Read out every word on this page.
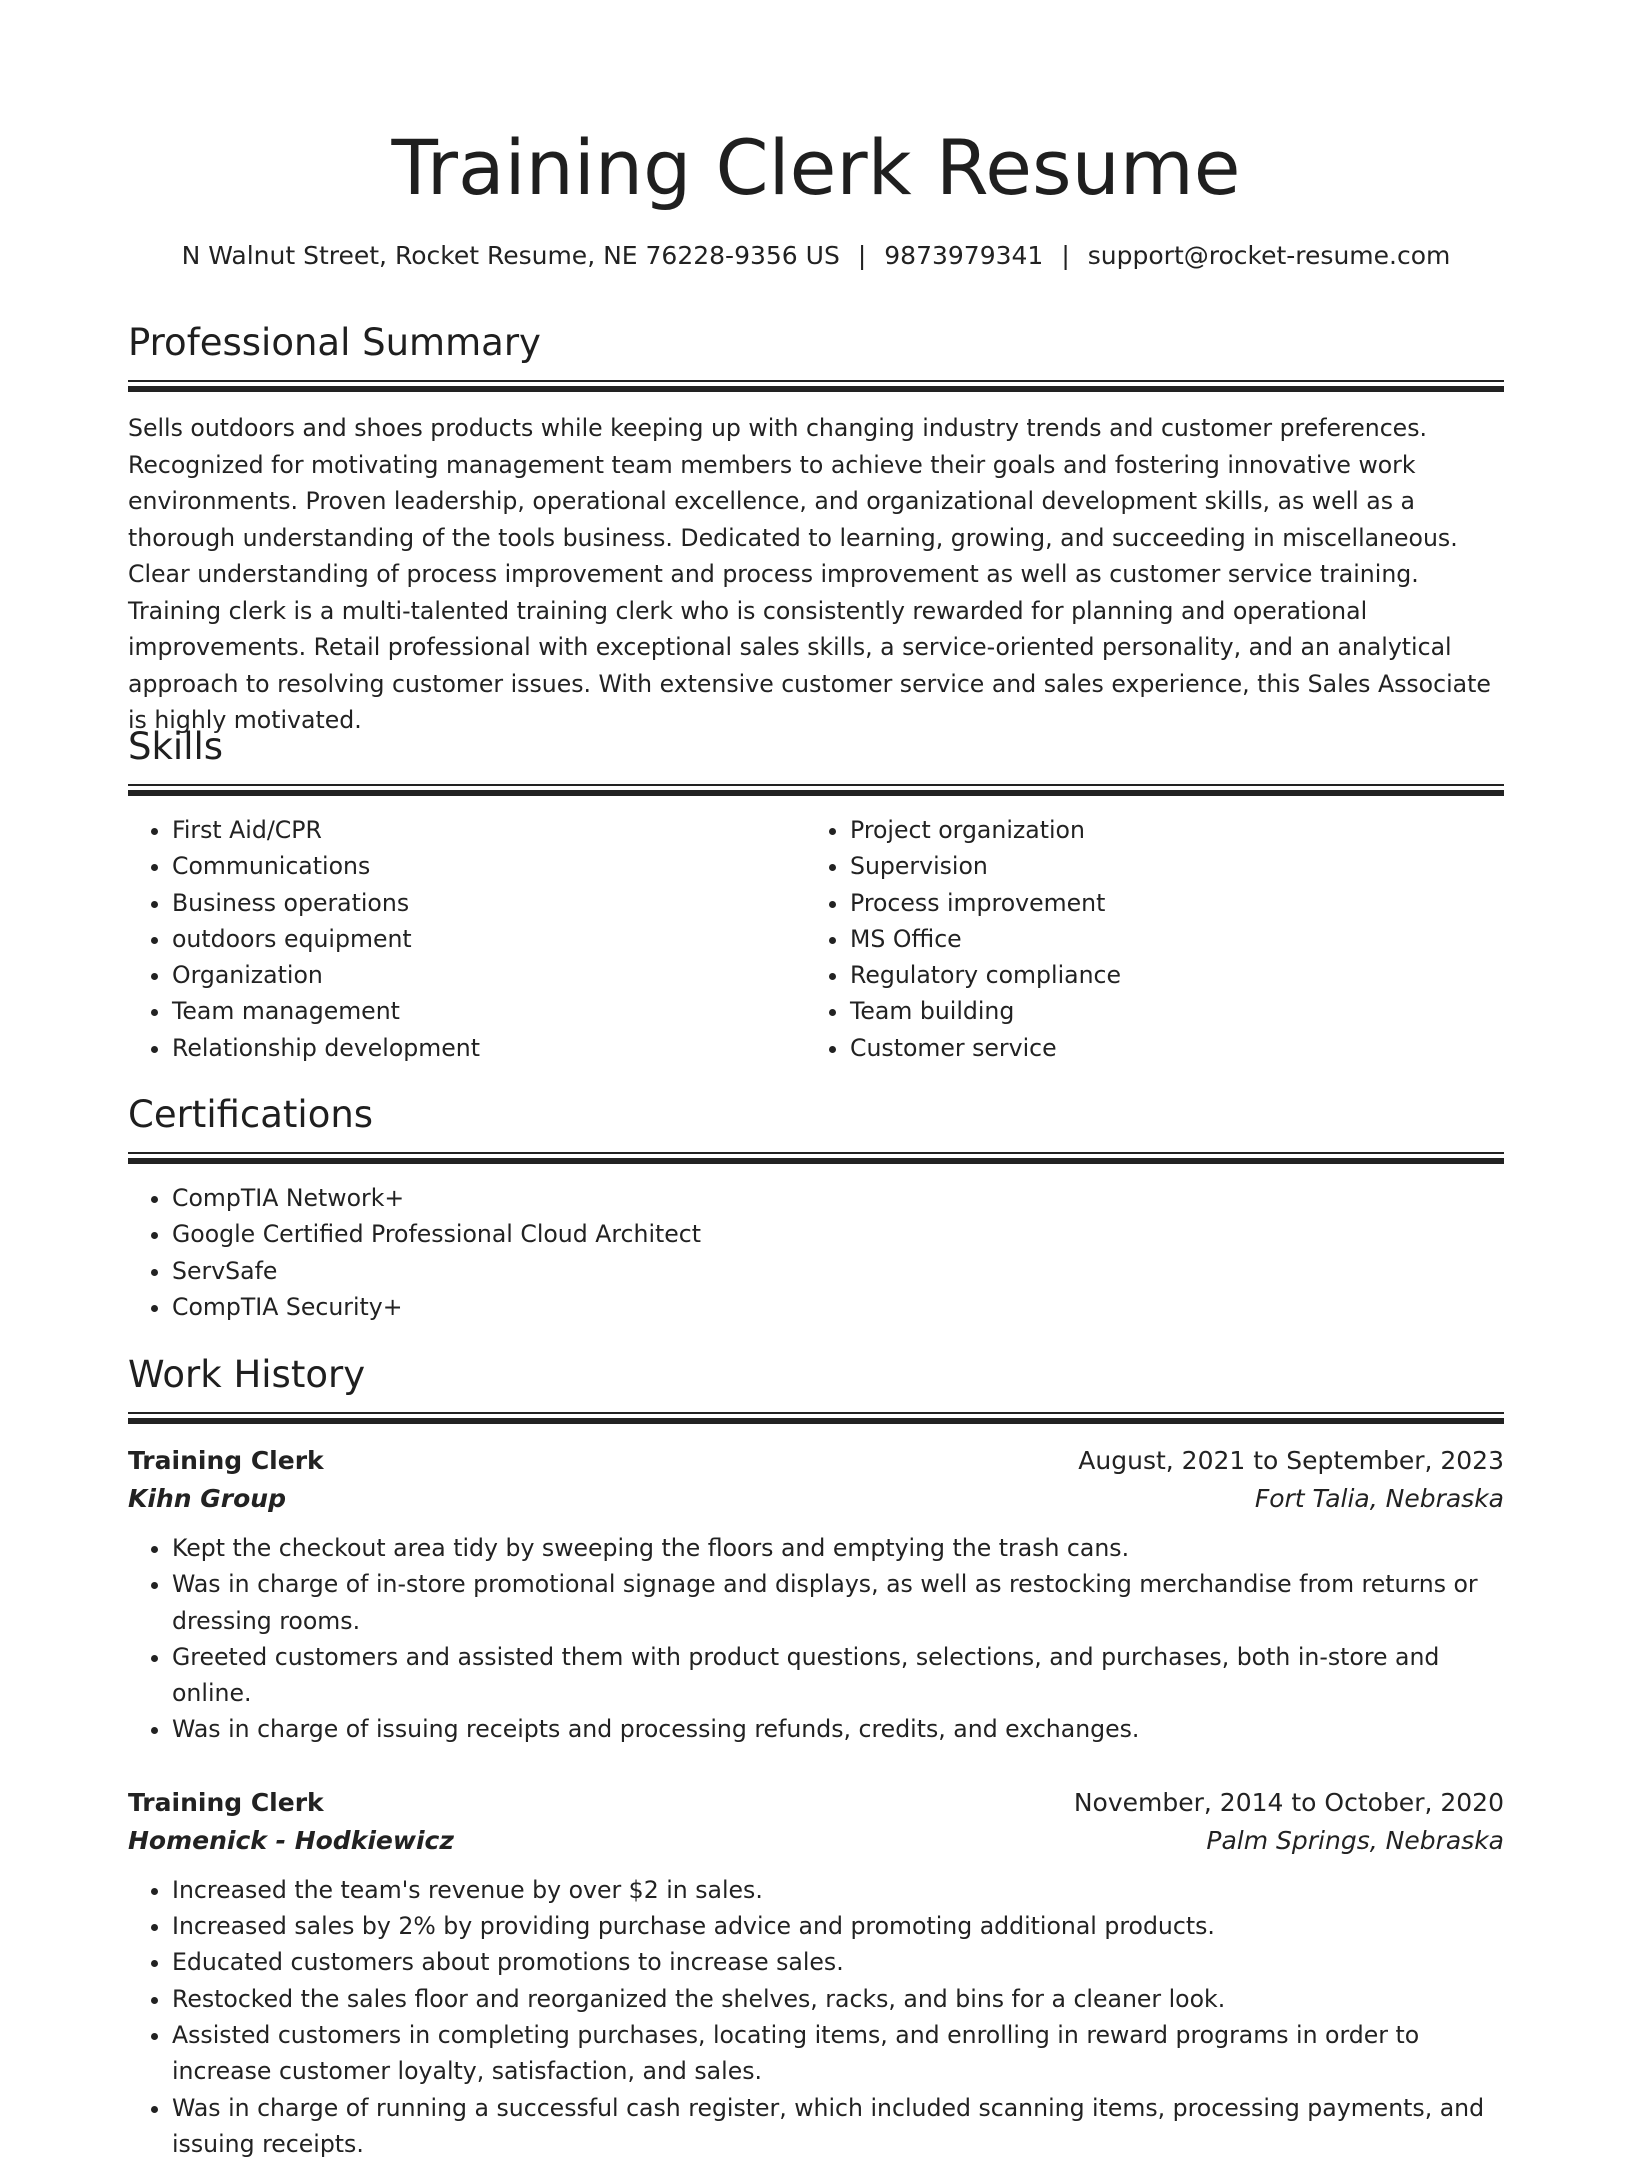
Training Clerk Resume
N Walnut Street, Rocket Resume, NE 76228-9356 US | 9873979341 | support@rocket-resume.com
Professional Summary
Sells outdoors and shoes products while keeping up with changing industry trends and customer preferences. Recognized for motivating management team members to achieve their goals and fostering innovative work environments. Proven leadership, operational excellence, and organizational development skills, as well as a thorough understanding of the tools business. Dedicated to learning, growing, and succeeding in miscellaneous. Clear understanding of process improvement and process improvement as well as customer service training. Training clerk is a multi-talented training clerk who is consistently rewarded for planning and operational improvements. Retail professional with exceptional sales skills, a service-oriented personality, and an analytical approach to resolving customer issues. With extensive customer service and sales experience, this Sales Associate is highly motivated.
Skills
• First Aid/CPR
• Communications
• Business operations
• outdoors equipment
• Organization
• Team management
• Relationship development
• Project organization
• Supervision
• Process improvement
• MS Office
• Regulatory compliance
• Team building
• Customer service
Certifications
• CompTIA Network+
• Google Certified Professional Cloud Architect
• ServSafe
• CompTIA Security+
Work History
Training Clerk	August, 2021 to September, 2023
Kihn Group	Fort Talia, Nebraska
• Kept the checkout area tidy by sweeping the floors and emptying the trash cans.
• Was in charge of in-store promotional signage and displays, as well as restocking merchandise from returns or dressing rooms.
• Greeted customers and assisted them with product questions, selections, and purchases, both in-store and online.
• Was in charge of issuing receipts and processing refunds, credits, and exchanges.
Training Clerk	November, 2014 to October, 2020
Homenick - Hodkiewicz	Palm Springs, Nebraska
• Increased the team's revenue by over $2 in sales.
• Increased sales by 2% by providing purchase advice and promoting additional products.
• Educated customers about promotions to increase sales.
• Restocked the sales floor and reorganized the shelves, racks, and bins for a cleaner look.
• Assisted customers in completing purchases, locating items, and enrolling in reward programs in order to increase customer loyalty, satisfaction, and sales.
• Was in charge of running a successful cash register, which included scanning items, processing payments, and issuing receipts.
